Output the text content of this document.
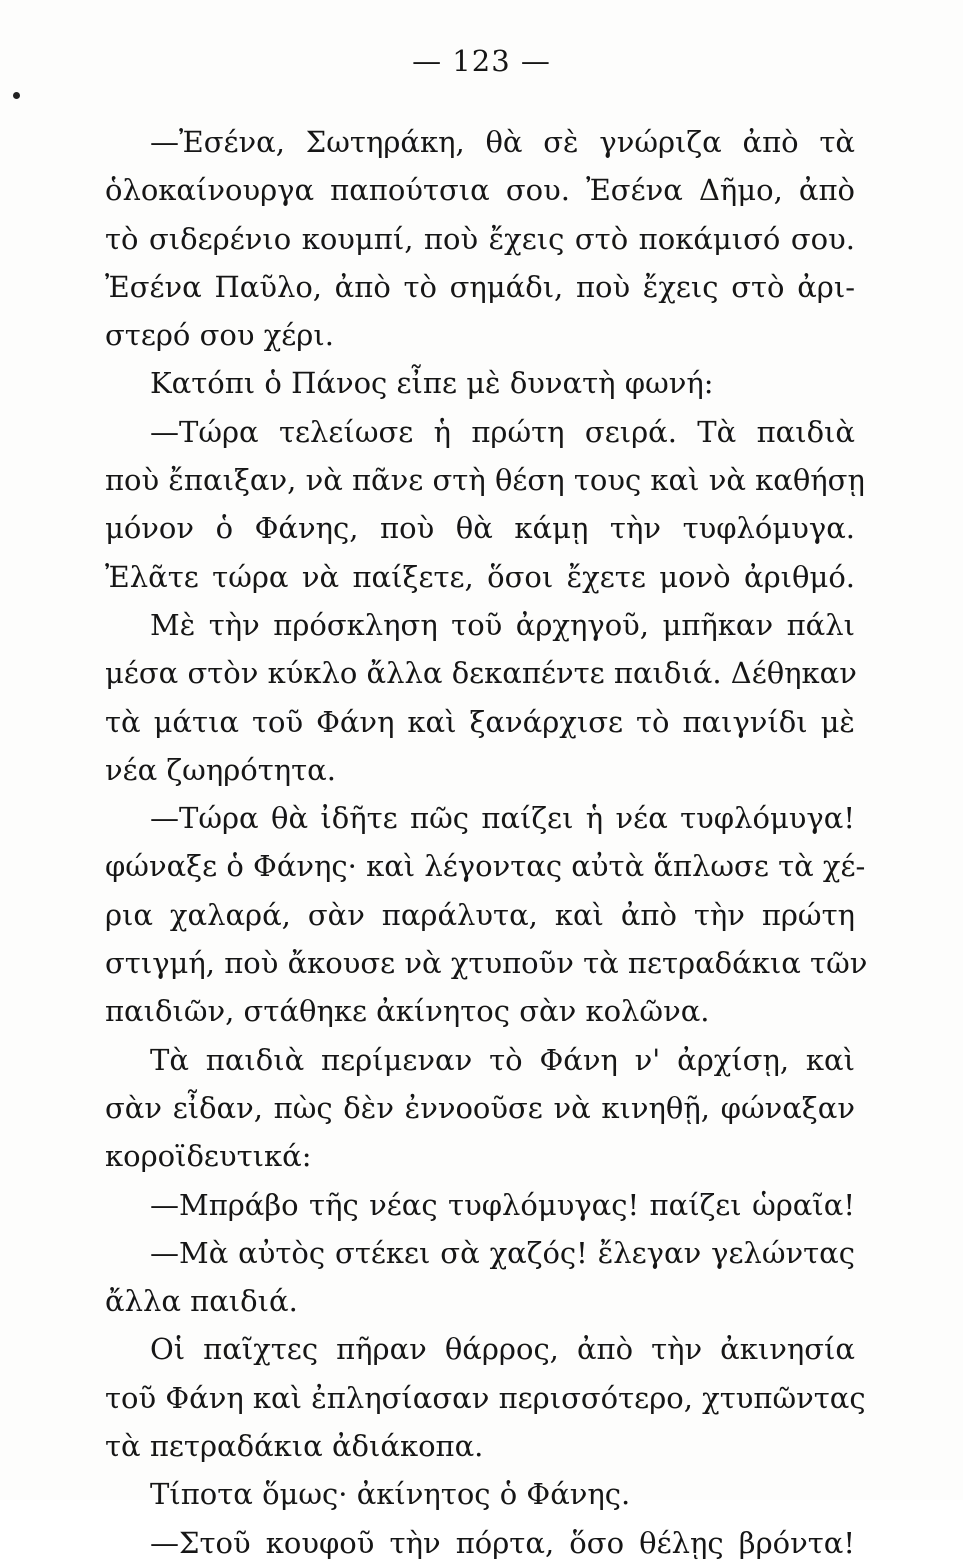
— 123 —
—Ἐσένα, Σωτηράκη, θὰ σὲ γνώριζα ἀπὸ τὰ
ὁλοκαίνουργα παπούτσια σου. Ἐσένα Δῆμο, ἀπὸ
τὸ σιδερένιο κουμπί, ποὺ ἔχεις στὸ ποκάμισό σου.
Ἐσένα Παῦλο, ἀπὸ τὸ σημάδι, ποὺ ἔχεις στὸ ἀρι-
στερό σου χέρι.
Κατόπι ὁ Πάνος εἶπε μὲ δυνατὴ φωνή:
—Τώρα τελείωσε ἡ πρώτη σειρά. Τὰ παιδιὰ
ποὺ ἔπαιξαν, νὰ πᾶνε στὴ θέση τους καὶ νὰ καθήσῃ
μόνον ὁ Φάνης, ποὺ θὰ κάμῃ τὴν τυφλόμυγα.
Ἐλᾶτε τώρα νὰ παίξετε, ὅσοι ἔχετε μονὸ ἀριθμό.
Μὲ τὴν πρόσκληση τοῦ ἀρχηγοῦ, μπῆκαν πάλι
μέσα στὸν κύκλο ἄλλα δεκαπέντε παιδιά. Δέθηκαν
τὰ μάτια τοῦ Φάνη καὶ ξανάρχισε τὸ παιγνίδι μὲ
νέα ζωηρότητα.
—Τώρα θὰ ἰδῆτε πῶς παίζει ἡ νέα τυφλόμυγα!
φώναξε ὁ Φάνης· καὶ λέγοντας αὐτὰ ἅπλωσε τὰ χέ-
ρια χαλαρά, σὰν παράλυτα, καὶ ἀπὸ τὴν πρώτη
στιγμή, ποὺ ἄκουσε νὰ χτυποῦν τὰ πετραδάκια τῶν
παιδιῶν, στάθηκε ἀκίνητος σὰν κολῶνα.
Τὰ παιδιὰ περίμεναν τὸ Φάνη ν' ἀρχίσῃ, καὶ
σὰν εἶδαν, πὼς δὲν ἐννοοῦσε νὰ κινηθῇ, φώναξαν
κοροϊδευτικά:
—Μπράβο τῆς νέας τυφλόμυγας! παίζει ὡραῖα!
—Μὰ αὐτὸς στέκει σὰ χαζός! ἔλεγαν γελώντας
ἄλλα παιδιά.
Οἱ παῖχτες πῆραν θάρρος, ἀπὸ τὴν ἀκινησία
τοῦ Φάνη καὶ ἐπλησίασαν περισσότερο, χτυπῶντας
τὰ πετραδάκια ἀδιάκοπα.
Τίποτα ὅμως· ἀκίνητος ὁ Φάνης.
—Στοῦ κουφοῦ τὴν πόρτα, ὅσο θέλῃς βρόντα!
